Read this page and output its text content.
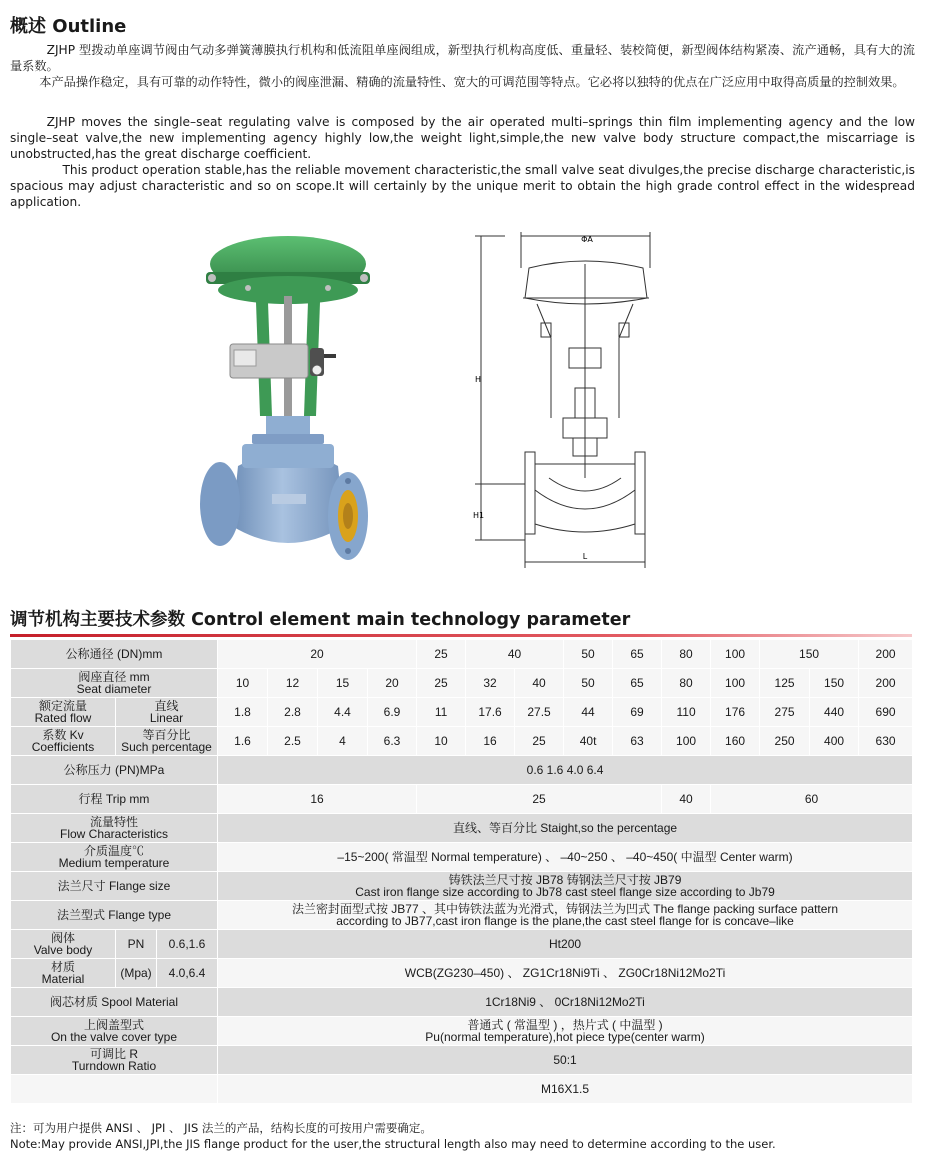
概述 Outline
ZJHP 型拨动单座调节阀由气动多弹簧薄膜执行机构和低流阻单座阀组成，新型执行机构高度低、重量轻、装校简便，新型阀体结构紧凑、流产通畅，具有大的流量系数。
本产品操作稳定，具有可靠的动作特性，微小的阀座泄漏、精确的流量特性、宽大的可调范围等特点。它必将以独特的优点在广泛应用中取得高质量的控制效果。
ZJHP moves the single–seat regulating valve is composed by the air operated multi–springs thin film implementing agency and the low single–seat valve,the new implementing agency highly low,the weight light,simple,the new valve body structure compact,the miscarriage is unobstructed,has the great discharge coefficient.
This product operation stable,has the reliable movement characteristic,the small valve seat divulges,the precise discharge characteristic,is spacious may adjust characteristic and so on scope.It will certainly by the unique merit to obtain the high grade control effect in the widespread application.
ΦA
H
H1
L
调节机构主要技术参数 Control element main technology parameter
公称通径 (DN)mm		20				25	40		50	65	80	100	150		200
阀座直径 mm
Seat diameter		10	12	15	20	25	32	40	50	65	80	100	125	150	200
额定流量
Rated flow	直线
Linear	1.8	2.8	4.4	6.9	11	17.6	27.5	44	69	110	176	275	440	690
系数 Kv
Coefficients	等百分比
Such percentage	1.6	2.5	4	6.3	10	16	25	40t	63	100	160	250	400	630
公称压力 (PN)MPa		0.6 1.6 4.0 6.4													
行程 Trip mm		16				25					40	60			
流量特性
Flow Characteristics		直线、等百分比 Staight,so the percentage													
介质温度℃
Medium temperature		–15~200( 常温型 Normal temperature) 、 –40~250 、 –40~450( 中温型 Center warm)													
法兰尺寸 Flange size		铸铁法兰尺寸按 JB78 铸钢法兰尺寸按 JB79
Cast iron flange size according to Jb78 cast steel flange size according to Jb79													
法兰型式 Flange type		法兰密封面型式按 JB77 、其中铸铁法蓝为光滑式，铸钢法兰为凹式 The flange packing surface pattern
according to JB77,cast iron flange is the plane,the cast steel flange for is concave–like													
阀体
Valve body	PN 0.6,1.6	Ht200													
材质
Material	(Mpa) 4.0,6.4	WCB(ZG230–450) 、 ZG1Cr18Ni9Ti 、 ZG0Cr18Ni12Mo2Ti													
阀芯材质 Spool Material		1Cr18Ni9 、 0Cr18Ni12Mo2Ti													
上阀盖型式
On the valve cover type		普通式 ( 常温型 ) ，热片式 ( 中温型 )
Pu(normal temperature),hot piece type(center warm)													
可调比 R
Turndown Ratio		50:1													
		M16X1.5													
注：可为用户提供 ANSI 、 JPI 、 JIS 法兰的产品，结构长度的可按用户需要确定。
Note:May provide ANSI,JPI,the JIS flange product for the user,the structural length also may need to determine according to the user.
